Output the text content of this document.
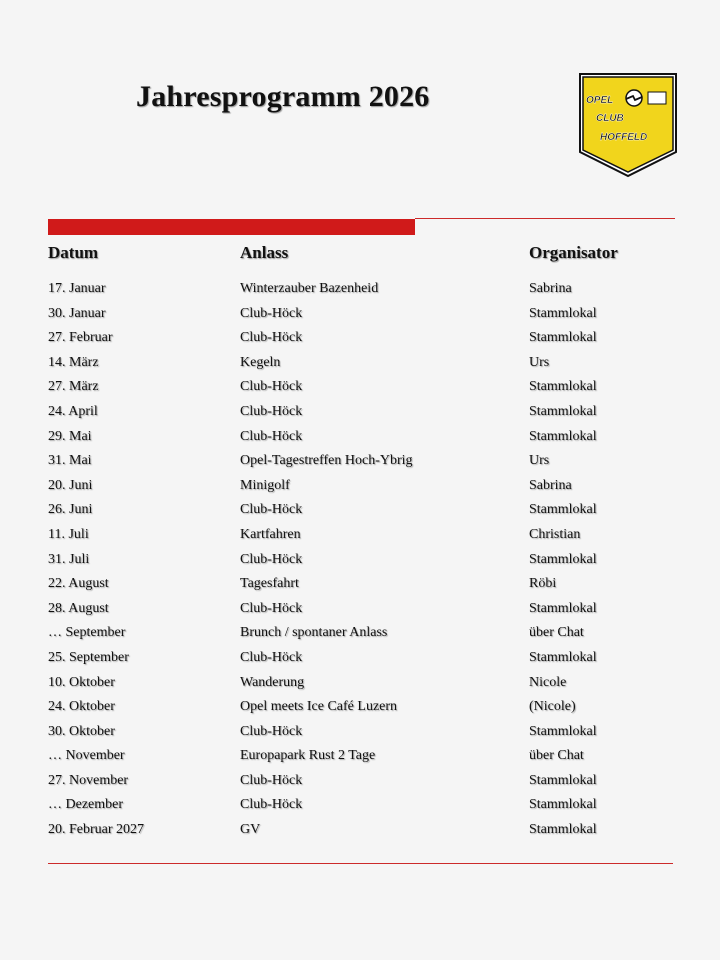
Jahresprogramm 2026	OPEL
CLUB
HOFFELD
Datum	Anlass	Organisator
17. Januar	Winterzauber Bazenheid	Sabrina
30. Januar	Club-Höck	Stammlokal
27. Februar	Club-Höck	Stammlokal
14. März	Kegeln	Urs
27. März	Club-Höck	Stammlokal
24. April	Club-Höck	Stammlokal
29. Mai	Club-Höck	Stammlokal
31. Mai	Opel-Tagestreffen Hoch-Ybrig	Urs
20. Juni	Minigolf	Sabrina
26. Juni	Club-Höck	Stammlokal
11. Juli	Kartfahren	Christian
31. Juli	Club-Höck	Stammlokal
22. August	Tagesfahrt	Röbi
28. August	Club-Höck	Stammlokal
… September	Brunch / spontaner Anlass	über Chat
25. September	Club-Höck	Stammlokal
10. Oktober	Wanderung	Nicole
24. Oktober	Opel meets Ice Café Luzern	(Nicole)
30. Oktober	Club-Höck	Stammlokal
… November	Europapark Rust 2 Tage	über Chat
27. November	Club-Höck	Stammlokal
… Dezember	Club-Höck	Stammlokal
20. Februar 2027	GV	Stammlokal
